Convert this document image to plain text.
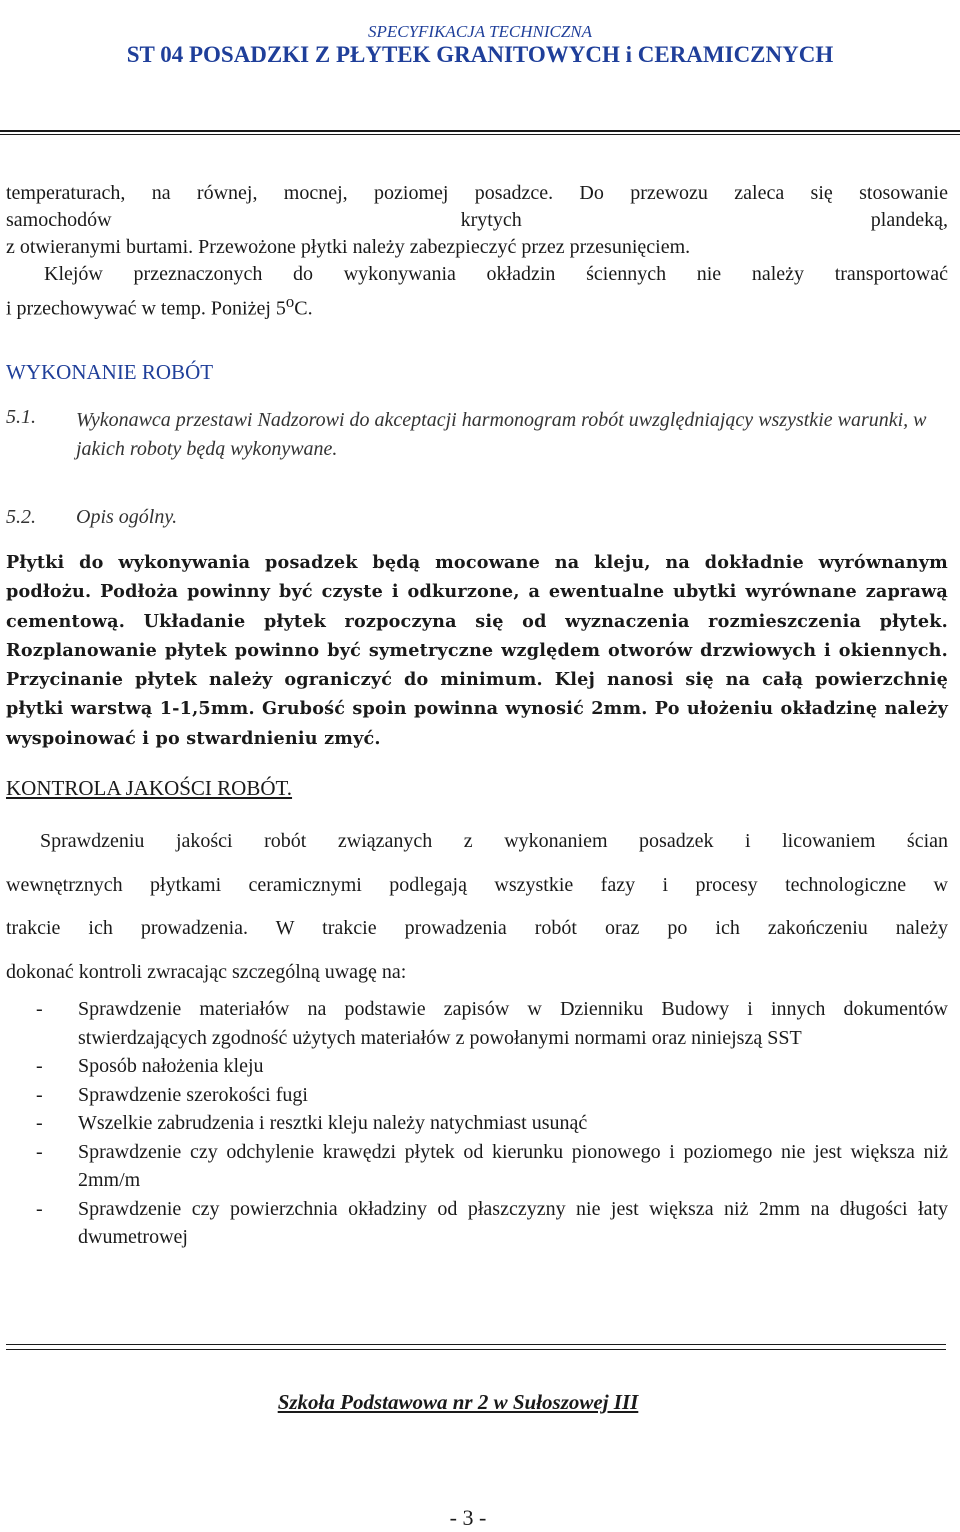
SPECYFIKACJA TECHNICZNA
ST 04 POSADZKI Z PŁYTEK GRANITOWYCH i CERAMICZNYCH
temperaturach, na równej, mocnej, poziomej posadzce. Do przewozu zaleca się stosowanie
samochodów krytych plandeką,
z otwieranymi burtami. Przewożone płytki należy zabezpieczyć przez przesunięciem.
Klejów przeznaczonych do wykonywania okładzin ściennych nie należy transportować
i przechowywać w temp. Poniżej 5$^o$C.
WYKONANIE ROBÓT
5.1. Wykonawca przestawi Nadzorowi do akceptacji harmonogram robót uwzględniający wszystkie warunki, w jakich roboty będą wykonywane.
5.2. Opis ogólny.
Płytki do wykonywania posadzek będą mocowane na kleju, na dokładnie wyrównanym podłożu. Podłoża powinny być czyste i odkurzone, a ewentualne ubytki wyrównane zaprawą cementową. Układanie płytek rozpoczyna się od wyznaczenia rozmieszczenia płytek. Rozplanowanie płytek powinno być symetryczne względem otworów drzwiowych i okiennych. Przycinanie płytek należy ograniczyć do minimum. Klej nanosi się na całą powierzchnię płytki warstwą 1-1,5mm. Grubość spoin powinna wynosić 2mm. Po ułożeniu okładzinę należy wyspoinować i po stwardnieniu zmyć.
KONTROLA JAKOŚCI ROBÓT.
Sprawdzeniu jakości robót związanych z wykonaniem posadzek i licowaniem ścian
wewnętrznych płytkami ceramicznymi podlegają wszystkie fazy i procesy technologiczne w
trakcie ich prowadzenia. W trakcie prowadzenia robót oraz po ich zakończeniu należy
dokonać kontroli zwracając szczególną uwagę na:
- Sprawdzenie materiałów na podstawie zapisów w Dzienniku Budowy i innych dokumentów stwierdzających zgodność użytych materiałów z powołanymi normami oraz niniejszą SST
- Sposób nałożenia kleju
- Sprawdzenie szerokości fugi
- Wszelkie zabrudzenia i resztki kleju należy natychmiast usunąć
- Sprawdzenie czy odchylenie krawędzi płytek od kierunku pionowego i poziomego nie jest większa niż 2mm/m
- Sprawdzenie czy powierzchnia okładziny od płaszczyzny nie jest większa niż 2mm na długości łaty dwumetrowej
Szkoła Podstawowa nr 2 w Sułoszowej III
- 3 -
